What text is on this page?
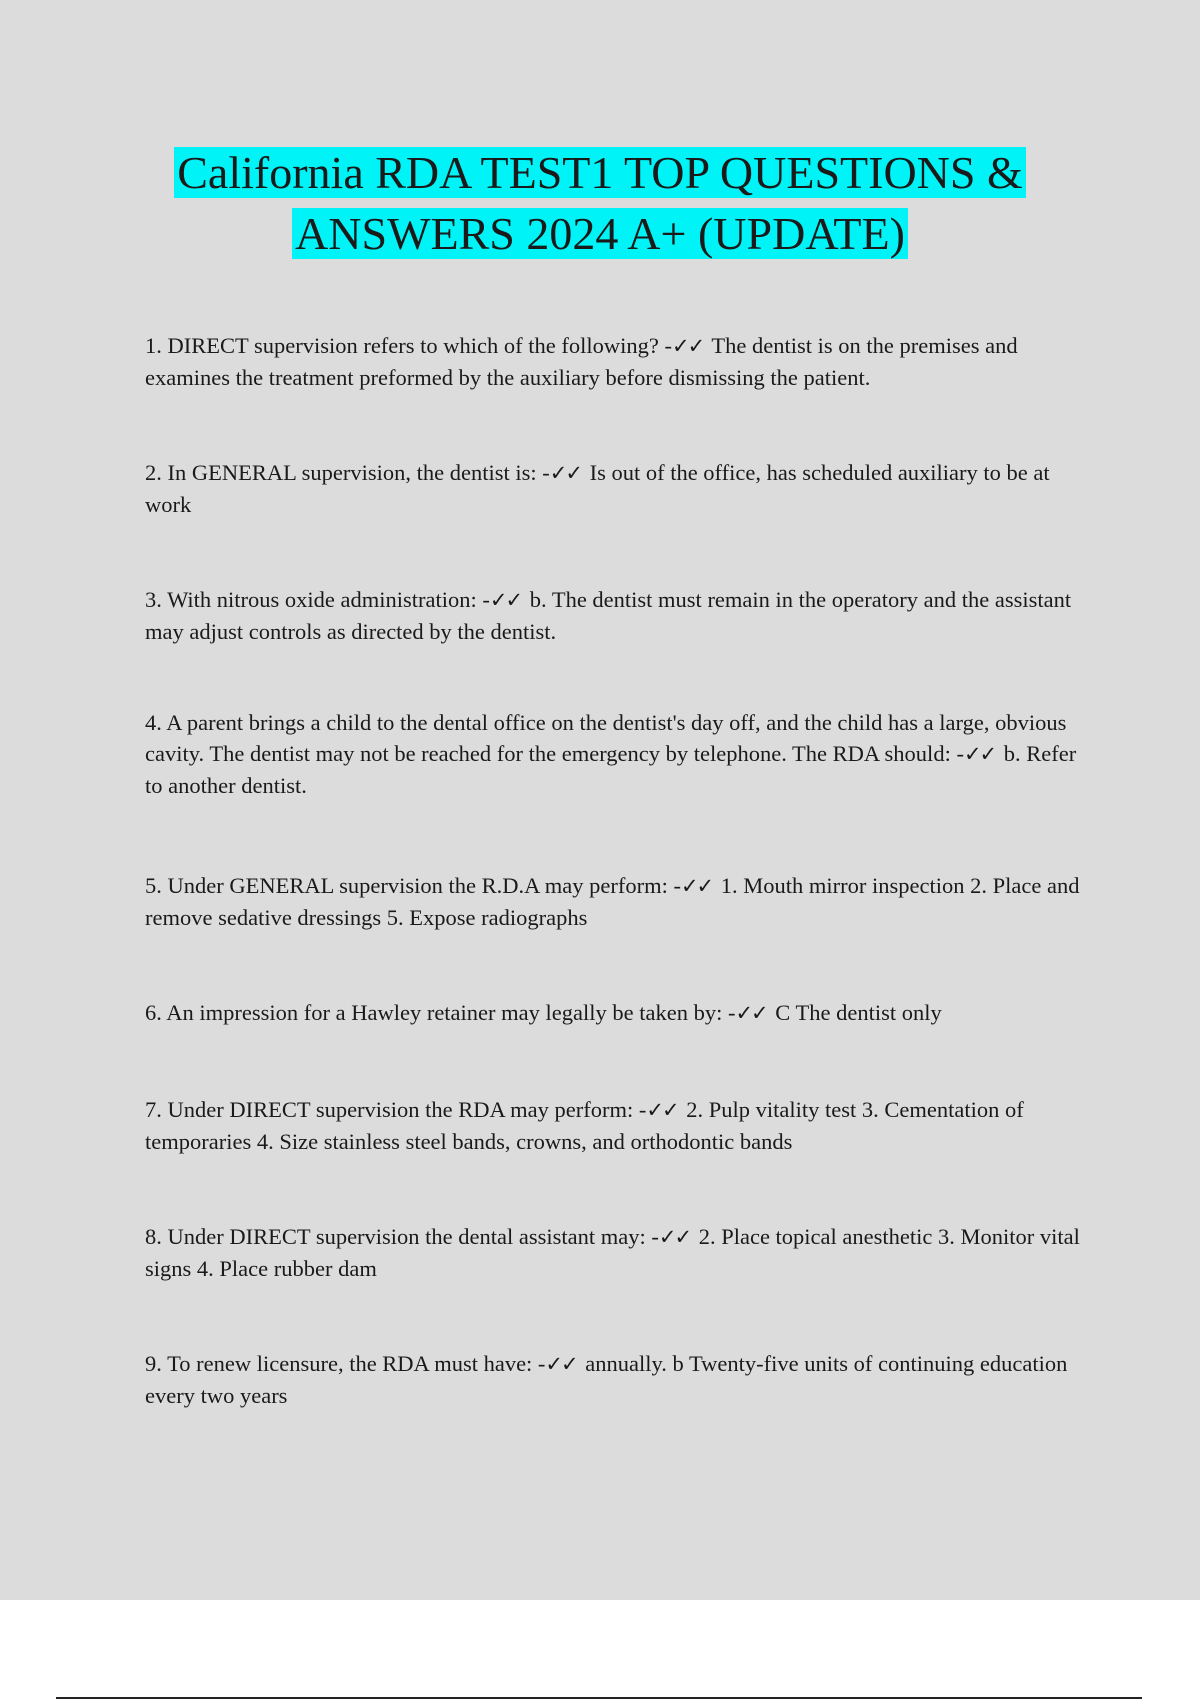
California RDA TEST1 TOP QUESTIONS &
ANSWERS 2024 A+ (UPDATE)
1. DIRECT supervision refers to which of the following? -✓✓ The dentist is on the premises and examines the treatment preformed by the auxiliary before dismissing the patient.
2. In GENERAL supervision, the dentist is: -✓✓ Is out of the office, has scheduled auxiliary to be at work
3. With nitrous oxide administration: -✓✓ b. The dentist must remain in the operatory and the assistant may adjust controls as directed by the dentist.
4. A parent brings a child to the dental office on the dentist's day off, and the child has a large, obvious cavity. The dentist may not be reached for the emergency by telephone. The RDA should: -✓✓ b. Refer to another dentist.
5. Under GENERAL supervision the R.D.A may perform: -✓✓ 1. Mouth mirror inspection 2. Place and remove sedative dressings 5. Expose radiographs
6. An impression for a Hawley retainer may legally be taken by: -✓✓ C The dentist only
7. Under DIRECT supervision the RDA may perform: -✓✓ 2. Pulp vitality test 3. Cementation of temporaries 4. Size stainless steel bands, crowns, and orthodontic bands
8. Under DIRECT supervision the dental assistant may: -✓✓ 2. Place topical anesthetic 3. Monitor vital signs 4. Place rubber dam
9. To renew licensure, the RDA must have: -✓✓ annually. b Twenty-five units of continuing education every two years
